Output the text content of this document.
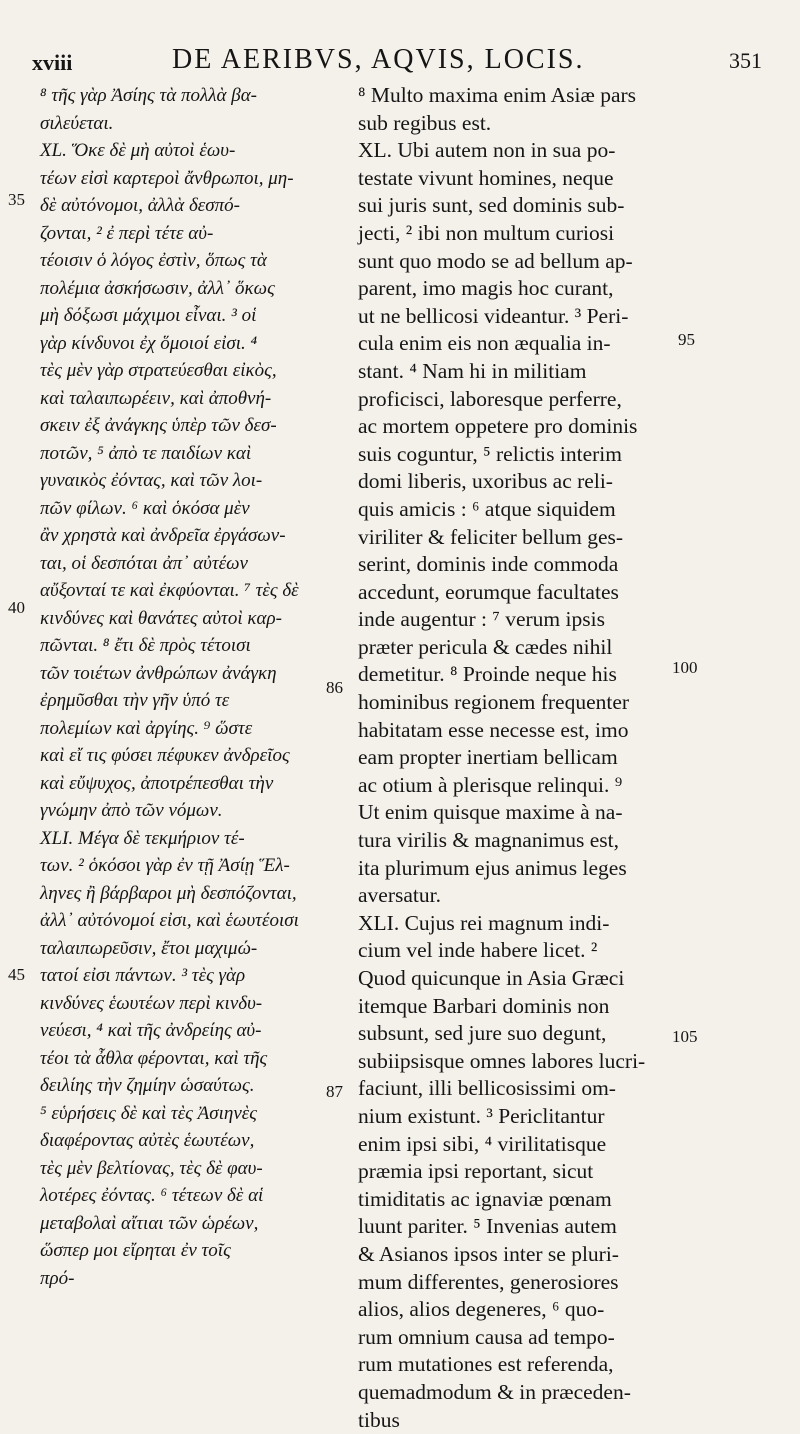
xviii	DE AERIBVS, AQVIS, LOCIS.	351
⁸ τῆς γὰρ Ἀσίης τὰ πολλὰ βα-
σιλεύεται.
XL. Ὅκε δὲ μὴ αὐτοὶ ἑωυ-
τέων εἰσὶ καρτεροὶ ἄνθρωποι, μη-
δὲ αὐτόνομοι, ἀλλὰ δεσπό-
ζονται, ² ἐ περὶ τέτε αὐ-
τέοισιν ὁ λόγος ἐστὶν, ὅπως τὰ
πολέμια ἀσκήσωσιν, ἀλλ᾽ ὅκως
μὴ δόξωσι μάχιμοι εἶναι. ³ οἱ
γὰρ κίνδυνοι ἐχ ὅμοιοί εἰσι. ⁴
τὲς μὲν γὰρ στρατεύεσθαι εἰκὸς,
καὶ ταλαιπωρέειν, καὶ ἀποθνή-
σκειν ἐξ ἀνάγκης ὑπὲρ τῶν δεσ-
ποτῶν, ⁵ ἀπὸ τε παιδίων καὶ
γυναικὸς ἐόντας, καὶ τῶν λοι-
πῶν φίλων. ⁶ καὶ ὁκόσα μὲν
ἂν χρηστὰ καὶ ἀνδρεῖα ἐργάσων-
ται, οἱ δεσπόται ἀπ᾽ αὐτέων
αὔξονταί τε καὶ ἐκφύονται. ⁷ τὲς δὲ
κινδύνες καὶ θανάτες αὐτοὶ καρ-
πῶνται. ⁸ ἔτι δὲ πρὸς τέτοισι
τῶν τοιέτων ἀνθρώπων ἀνάγκη
ἐρημῦσθαι τὴν γῆν ὑπό τε
πολεμίων καὶ ἀργίης. ⁹ ὥστε
καὶ εἴ τις φύσει πέφυκεν ἀνδρεῖος
καὶ εὔψυχος, ἀποτρέπεσθαι τὴν
γνώμην ἀπὸ τῶν νόμων.
XLI. Μέγα δὲ τεκμήριον τέ-
των. ² ὁκόσοι γὰρ ἐν τῇ Ἀσίῃ Ἕλ-
ληνες ἢ βάρβαροι μὴ δεσπόζονται,
ἀλλ᾽ αὐτόνομοί εἰσι, καὶ ἑωυτέοισι
ταλαιπωρεῦσιν, ἔτοι μαχιμώ-
τατοί εἰσι πάντων. ³ τὲς γὰρ
κινδύνες ἑωυτέων περὶ κινδυ-
νεύεσι, ⁴ καὶ τῆς ἀνδρείης αὐ-
τέοι τὰ ἆθλα φέρονται, καὶ τῆς
δειλίης τὴν ζημίην ὡσαύτως.
⁵ εὑρήσεις δὲ καὶ τὲς Ἀσιηνὲς
διαφέροντας αὐτὲς ἑωυτέων,
τὲς μὲν βελτίονας, τὲς δὲ φαυ-
λοτέρες ἐόντας. ⁶ τέτεων δὲ αἱ
μεταβολαὶ αἴτιαι τῶν ὡρέων,
ὥσπερ μοι εἴρηται ἐν τοῖς
πρό-
⁸ Multo maxima enim Asiæ pars
sub regibus est.
XL. Ubi autem non in sua po-
testate vivunt homines, neque
sui juris sunt, sed dominis sub-
jecti, ² ibi non multum curiosi
sunt quo modo se ad bellum ap-
parent, imo magis hoc curant,
ut ne bellicosi videantur. ³ Peri-
cula enim eis non æqualia in-
stant. ⁴ Nam hi in militiam
proficisci, laboresque perferre,
ac mortem oppetere pro dominis
suis coguntur, ⁵ relictis interim
domi liberis, uxoribus ac reli-
quis amicis : ⁶ atque siquidem
viriliter & feliciter bellum ges-
serint, dominis inde commoda
accedunt, eorumque facultates
inde augentur : ⁷ verum ipsis
præter pericula & cædes nihil
demetitur. ⁸ Proinde neque his
hominibus regionem frequenter
habitatam esse necesse est, imo
eam propter inertiam bellicam
ac otium à plerisque relinqui. ⁹
Ut enim quisque maxime à na-
tura virilis & magnanimus est,
ita plurimum ejus animus leges
aversatur.
XLI. Cujus rei magnum indi-
cium vel inde habere licet. ²
Quod quicunque in Asia Græci
itemque Barbari dominis non
subsunt, sed jure suo degunt,
subiipsisque omnes labores lucri-
faciunt, illi bellicosissimi om-
nium existunt. ³ Periclitantur
enim ipsi sibi, ⁴ virilitatisque
præmia ipsi reportant, sicut
timiditatis ac ignaviæ pœnam
luunt pariter. ⁵ Invenias autem
& Asianos ipsos inter se pluri-
mum differentes, generosiores
alios, alios degeneres, ⁶ quo-
rum omnium causa ad tempo-
rum mutationes est referenda,
quemadmodum & in præceden-
tibus
35
40
45
86
87
95
100
105
